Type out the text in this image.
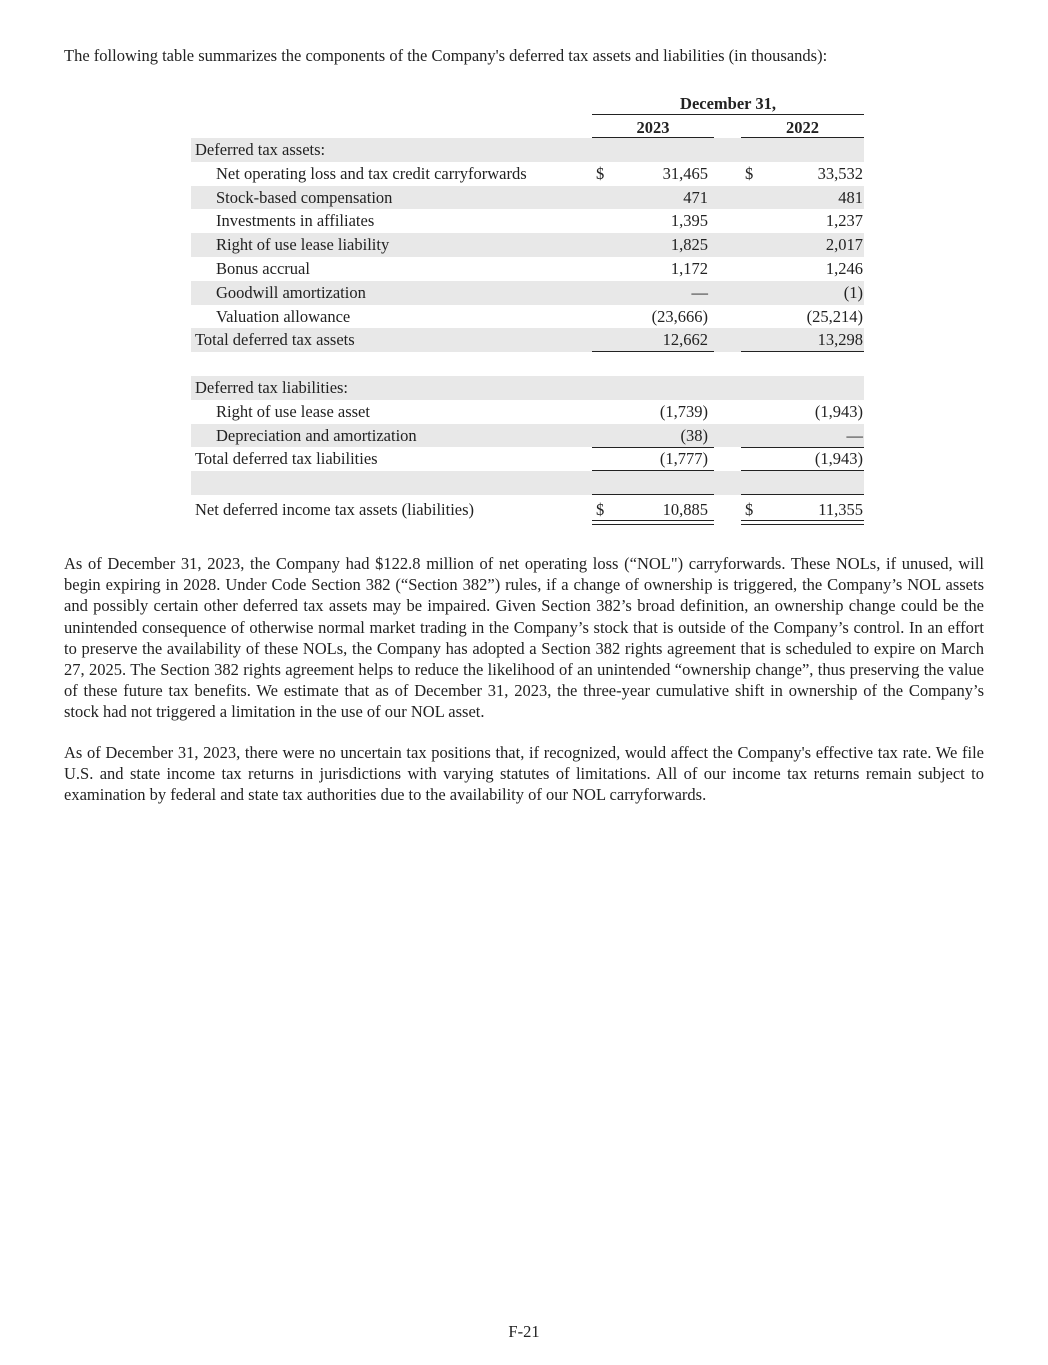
The following table summarizes the components of the Company's deferred tax assets and liabilities (in thousands):

December 31,
2023	2022
Deferred tax assets:
Net operating loss and tax credit carryforwards	$	31,465 $	33,532
Stock-based compensation	471	481
Investments in affiliates	1,395	1,237
Right of use lease liability	1,825	2,017
Bonus accrual	1,172	1,246
Goodwill amortization	—	(1)
Valuation allowance	(23,666)	(25,214)
Total deferred tax assets	12,662	13,298
Deferred tax liabilities:
Right of use lease asset	(1,739)	(1,943)
Depreciation and amortization	(38)	—
Total deferred tax liabilities	(1,777)	(1,943)
Net deferred income tax assets (liabilities)	$	10,885 $	11,355

As of December 31, 2023, the Company had $122.8 million of net operating loss (“NOL") carryforwards. These NOLs, if unused, will begin expiring in 2028. Under Code Section 382 (“Section 382”) rules, if a change of ownership is triggered, the Company’s NOL assets and possibly certain other deferred tax assets may be impaired. Given Section 382’s broad definition, an ownership change could be the unintended consequence of otherwise normal market trading in the Company’s stock that is outside of the Company’s control. In an effort to preserve the availability of these NOLs, the Company has adopted a Section 382 rights agreement that is scheduled to expire on March 27, 2025. The Section 382 rights agreement helps to reduce the likelihood of an unintended “ownership change”, thus preserving the value of these future tax benefits. We estimate that as of December 31, 2023, the three-year cumulative shift in ownership of the Company’s stock had not triggered a limitation in the use of our NOL asset.

As of December 31, 2023, there were no uncertain tax positions that, if recognized, would affect the Company's effective tax rate. We file U.S. and state income tax returns in jurisdictions with varying statutes of limitations. All of our income tax returns remain subject to examination by federal and state tax authorities due to the availability of our NOL carryforwards.

F-21
